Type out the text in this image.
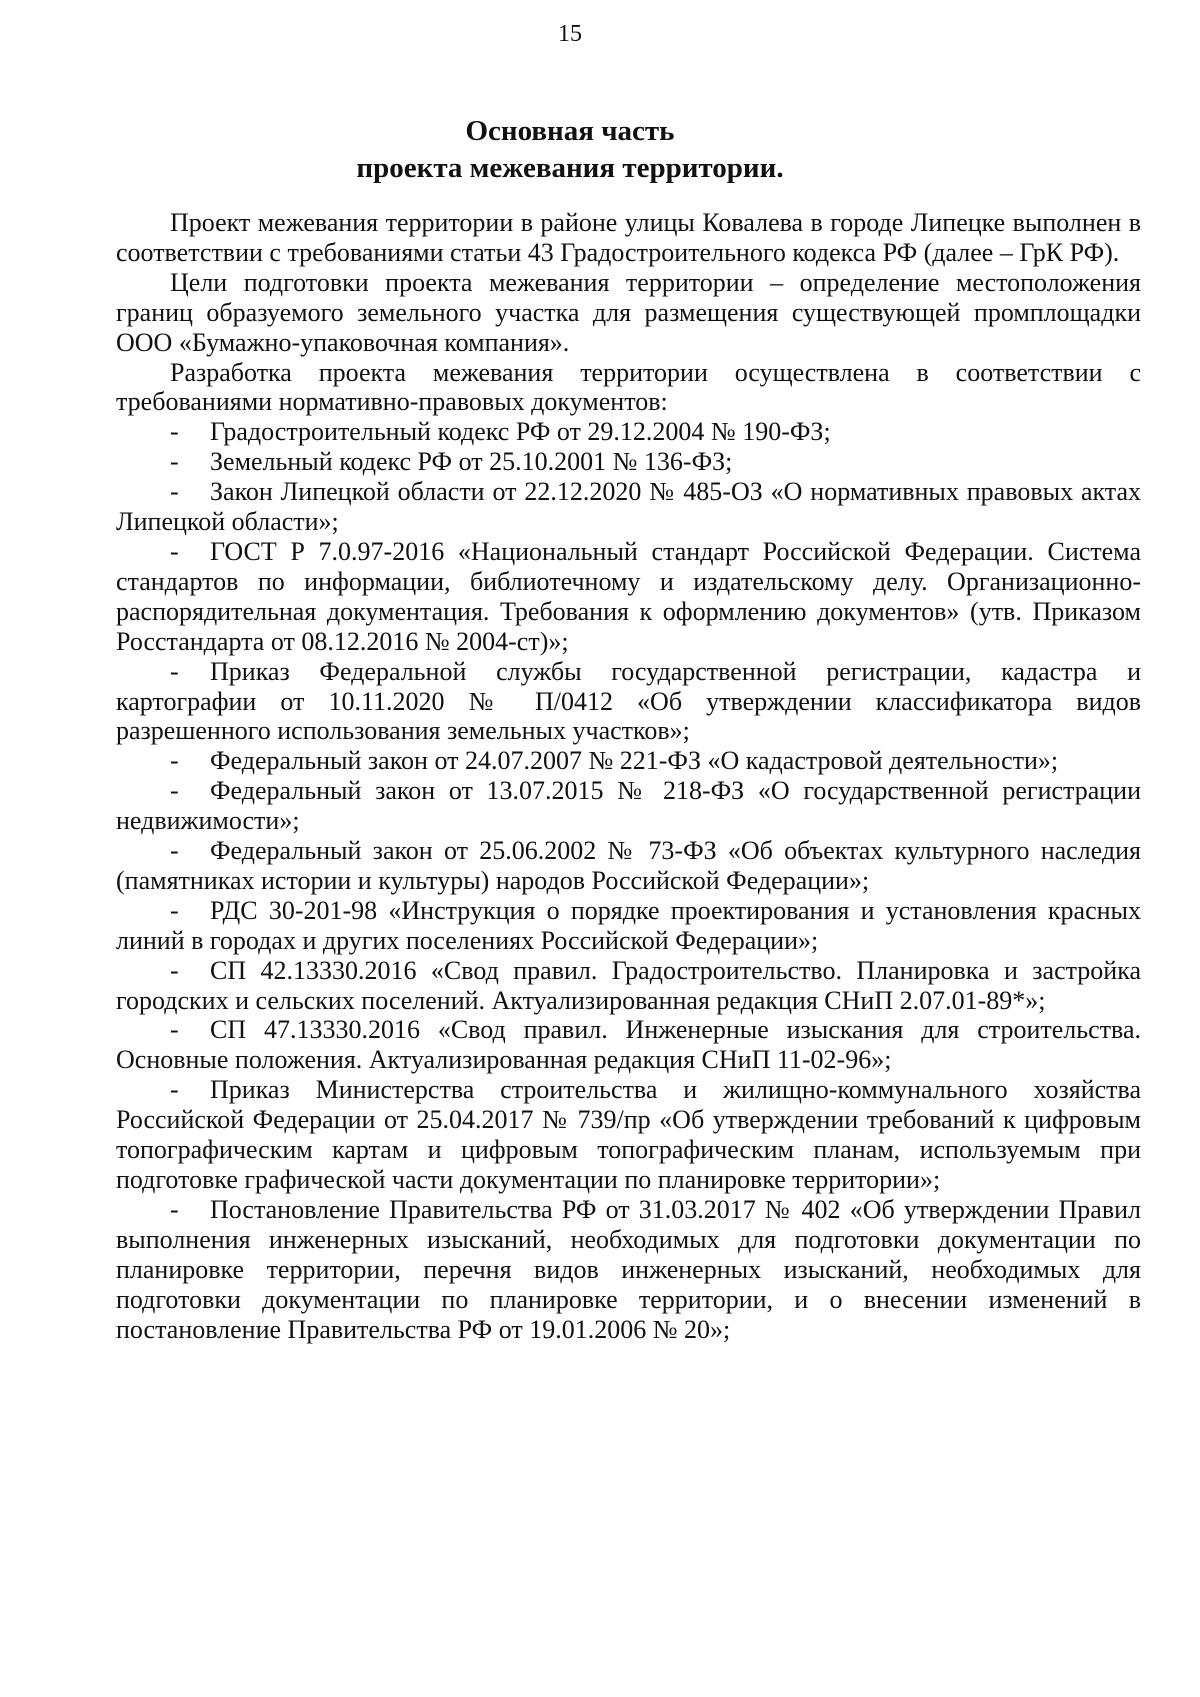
15
Основная часть
проекта межевания территории.

Проект межевания территории в районе улицы Ковалева в городе Липецке выполнен в соответствии с требованиями статьи 43 Градостроительного кодекса РФ (далее – ГрК РФ).

Цели подготовки проекта межевания территории – определение местоположения границ образуемого земельного участка для размещения существующей промплощадки ООО «Бумажно-упаковочная компания».

Разработка проекта межевания территории осуществлена в соответствии с требованиями нормативно-правовых документов:

- Градостроительный кодекс РФ от 29.12.2004 № 190-ФЗ;

- Земельный кодекс РФ от 25.10.2001 № 136-ФЗ;

- Закон Липецкой области от 22.12.2020 № 485-ОЗ «О нормативных правовых актах Липецкой области»;

- ГОСТ Р 7.0.97-2016 «Национальный стандарт Российской Федерации. Система стандартов по информации, библиотечному и издательскому делу. Организационно-распорядительная документация. Требования к оформлению документов» (утв. Приказом Росстандарта от 08.12.2016 № 2004-ст)»;

- Приказ Федеральной службы государственной регистрации, кадастра и картографии от 10.11.2020 № П/0412 «Об утверждении классификатора видов разрешенного использования земельных участков»;

- Федеральный закон от 24.07.2007 № 221-ФЗ «О кадастровой деятельности»;

- Федеральный закон от 13.07.2015 № 218-ФЗ «О государственной регистрации недвижимости»;

- Федеральный закон от 25.06.2002 № 73-ФЗ «Об объектах культурного наследия (памятниках истории и культуры) народов Российской Федерации»;

- РДС 30-201-98 «Инструкция о порядке проектирования и установления красных линий в городах и других поселениях Российской Федерации»;

- СП 42.13330.2016 «Свод правил. Градостроительство. Планировка и застройка городских и сельских поселений. Актуализированная редакция СНиП 2.07.01-89*»;

- СП 47.13330.2016 «Свод правил. Инженерные изыскания для строительства. Основные положения. Актуализированная редакция СНиП 11-02-96»;

- Приказ Министерства строительства и жилищно-коммунального хозяйства Российской Федерации от 25.04.2017 № 739/пр «Об утверждении требований к цифровым топографическим картам и цифровым топографическим планам, используемым при подготовке графической части документации по планировке территории»;

- Постановление Правительства РФ от 31.03.2017 № 402 «Об утверждении Правил выполнения инженерных изысканий, необходимых для подготовки документации по планировке территории, перечня видов инженерных изысканий, необходимых для подготовки документации по планировке территории, и о внесении изменений в постановление Правительства РФ от 19.01.2006 № 20»;
